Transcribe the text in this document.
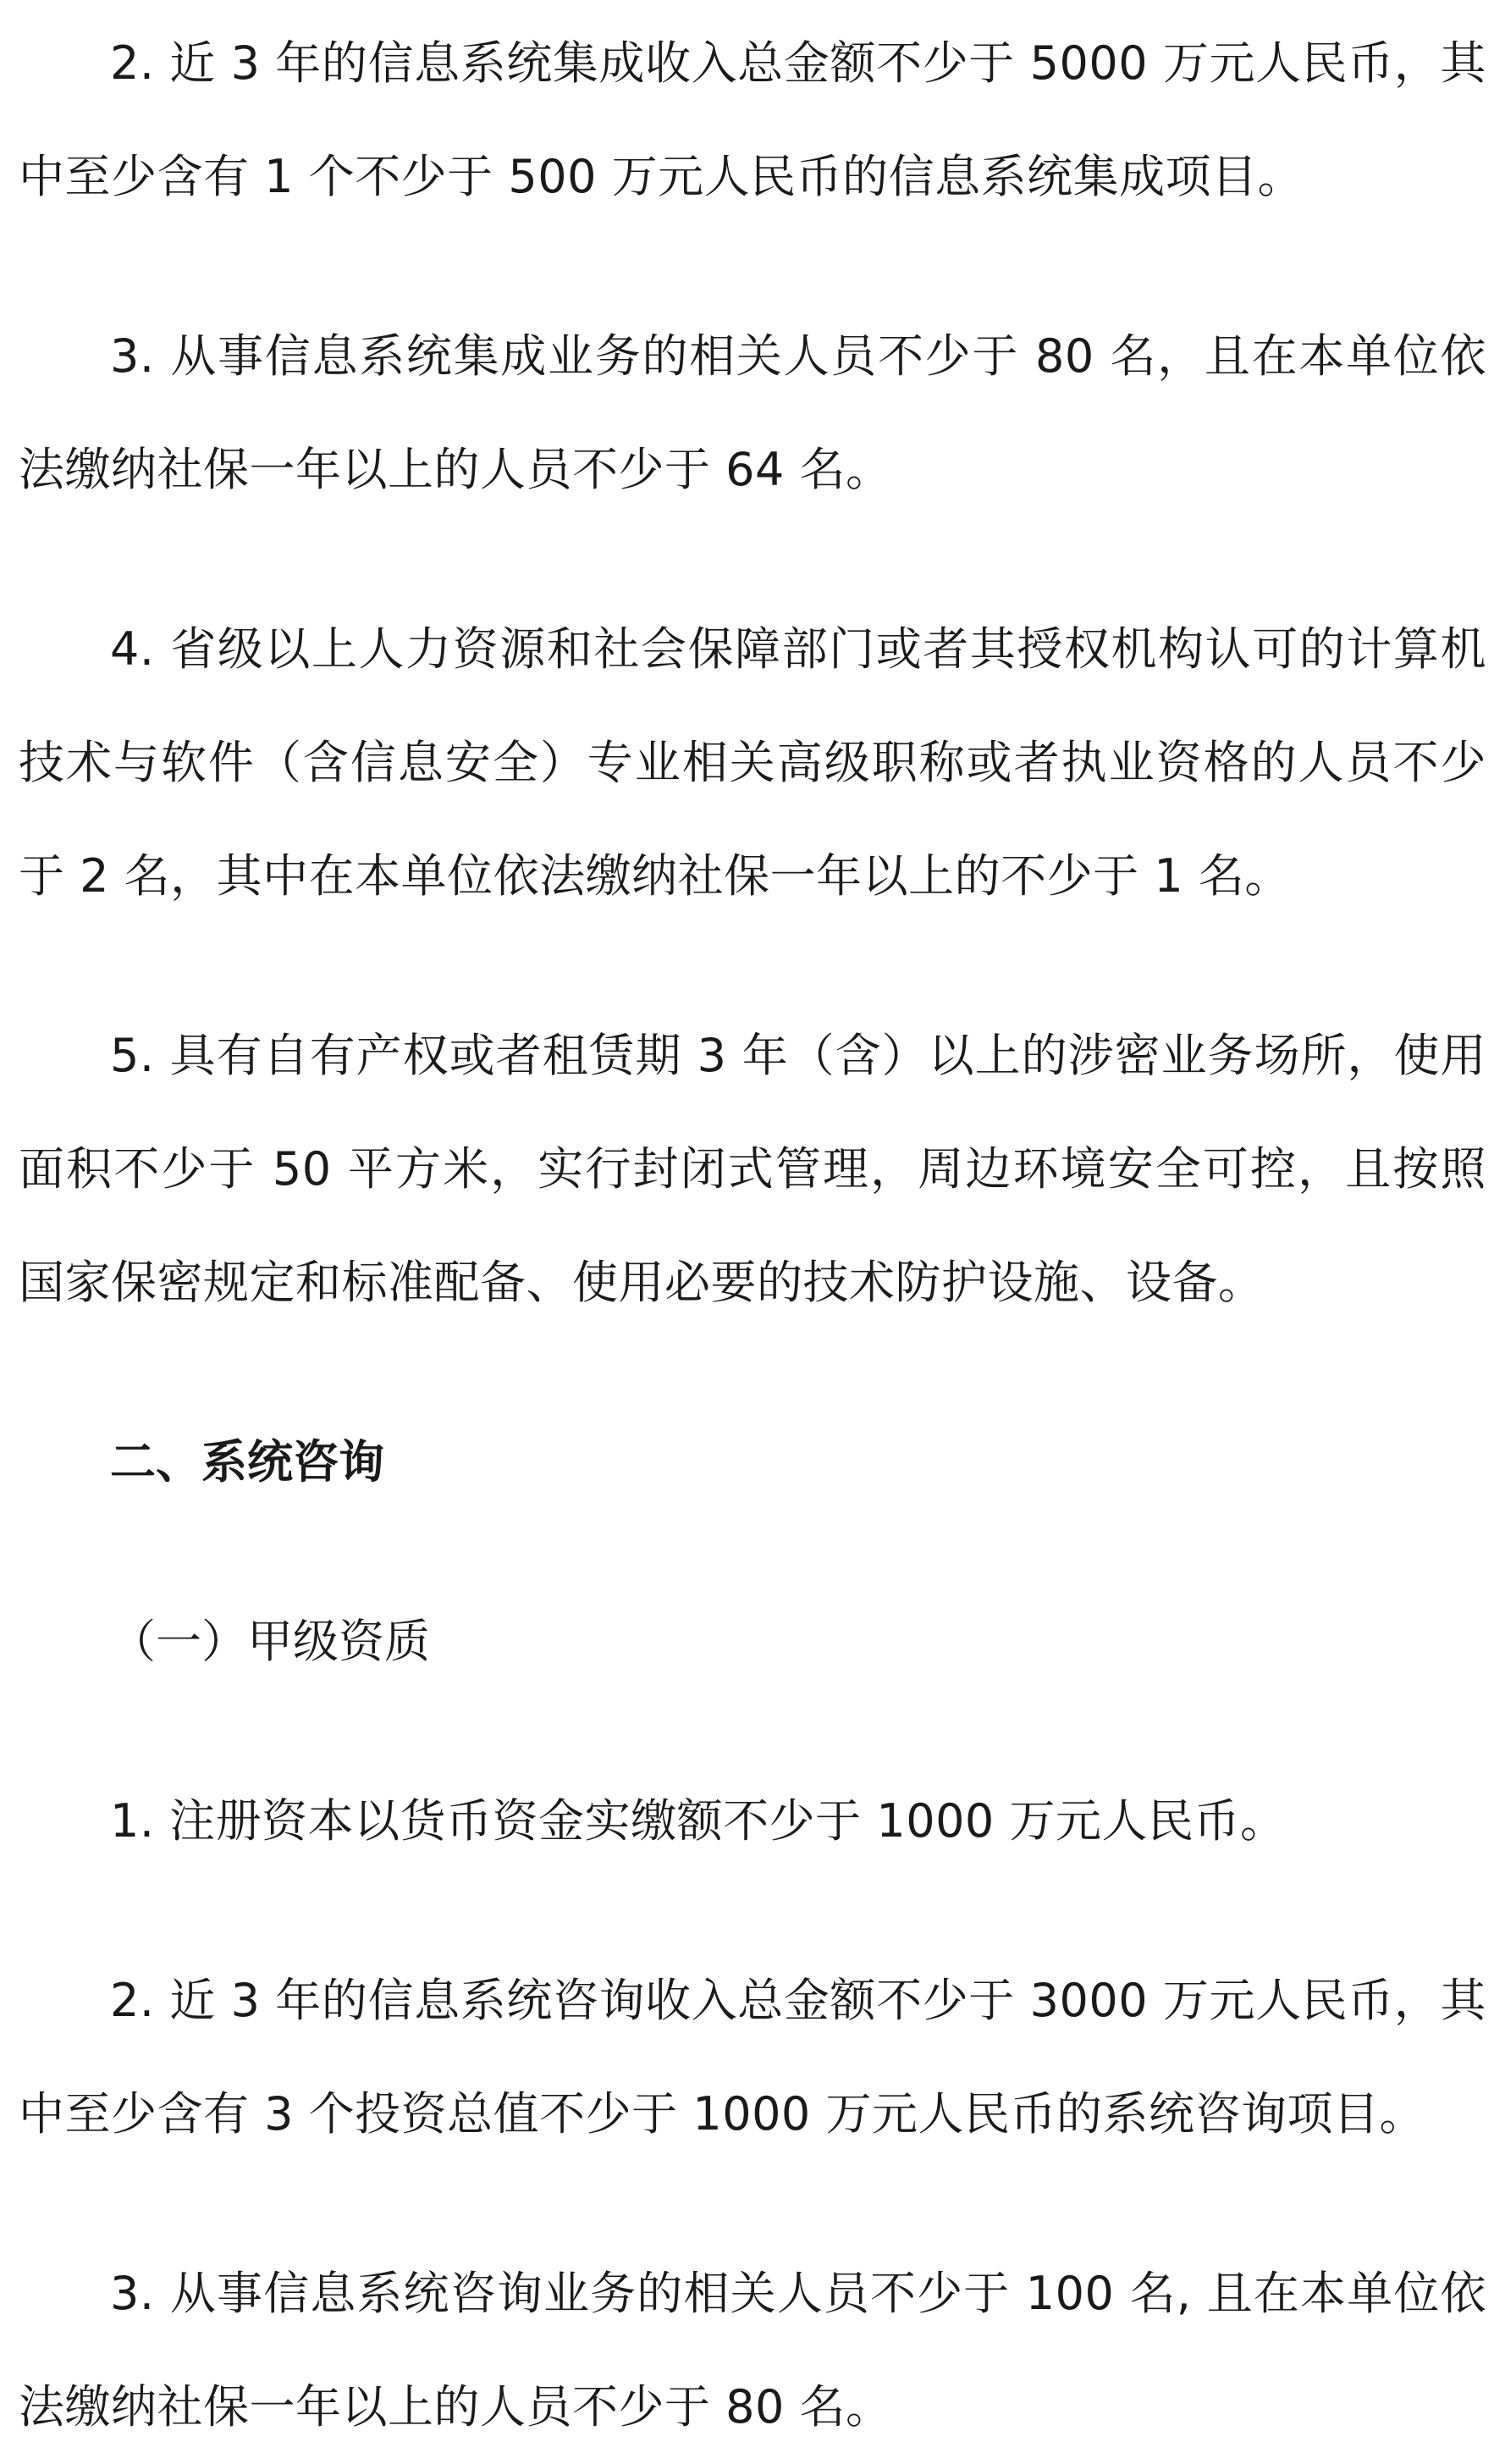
2. 近 3 年的信息系统集成收入总金额不少于 5000 万元人民币，其中至少含有 1 个不少于 500 万元人民币的信息系统集成项目。

3. 从事信息系统集成业务的相关人员不少于 80 名，且在本单位依法缴纳社保一年以上的人员不少于 64 名。

4. 省级以上人力资源和社会保障部门或者其授权机构认可的计算机技术与软件（含信息安全）专业相关高级职称或者执业资格的人员不少于 2 名，其中在本单位依法缴纳社保一年以上的不少于 1 名。

5. 具有自有产权或者租赁期 3 年（含）以上的涉密业务场所，使用面积不少于 50 平方米，实行封闭式管理，周边环境安全可控，且按照国家保密规定和标准配备、使用必要的技术防护设施、设备。

二、系统咨询

（一）甲级资质

1. 注册资本以货币资金实缴额不少于 1000 万元人民币。

2. 近 3 年的信息系统咨询收入总金额不少于 3000 万元人民币，其中至少含有 3 个投资总值不少于 1000 万元人民币的系统咨询项目。

3. 从事信息系统咨询业务的相关人员不少于 100 名, 且在本单位依法缴纳社保一年以上的人员不少于 80 名。
